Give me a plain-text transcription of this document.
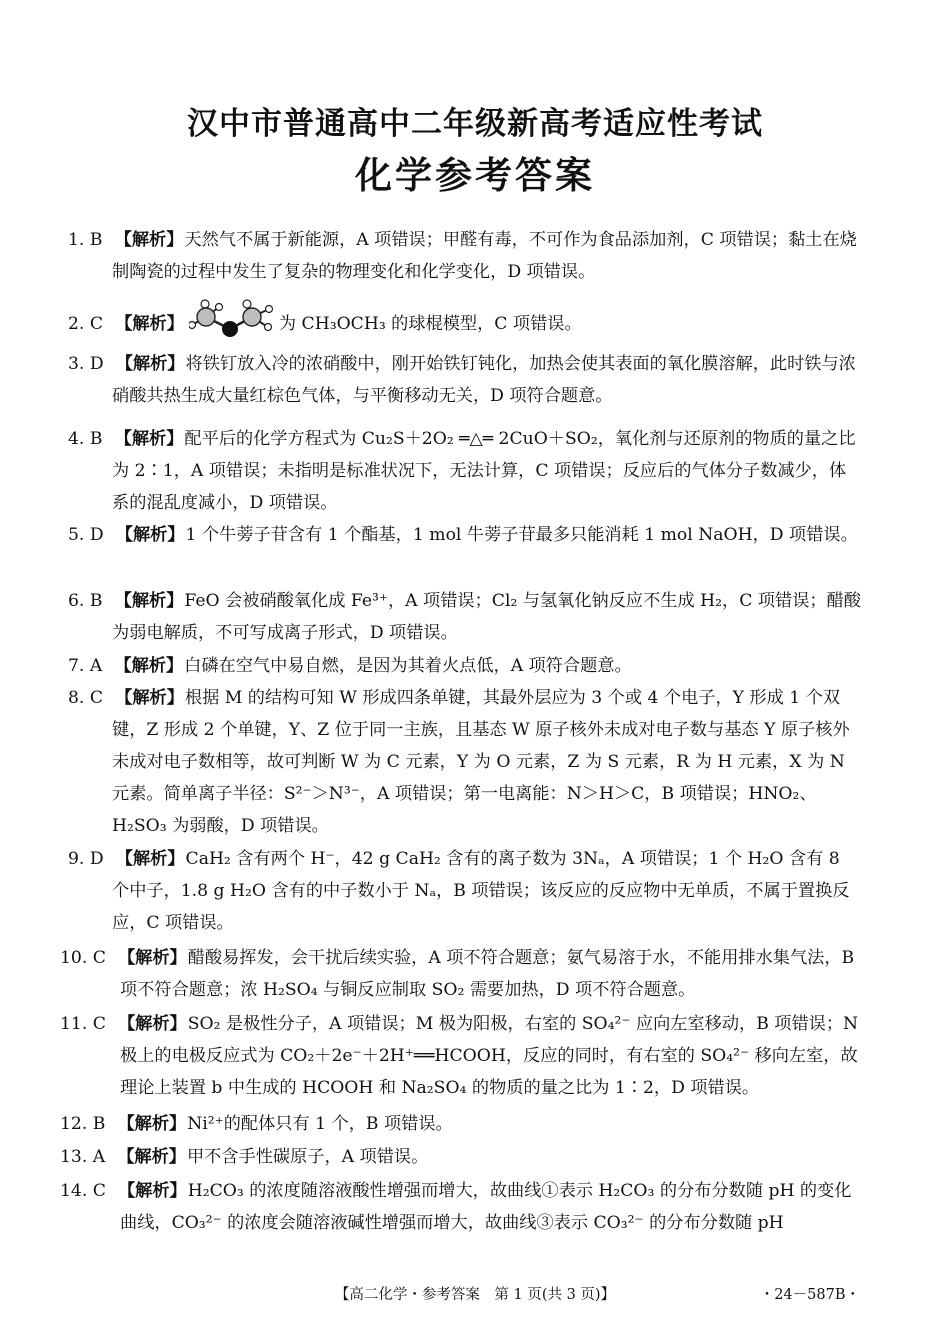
汉中市普通高中二年级新高考适应性考试
化学参考答案
1. B 【解析】天然气不属于新能源，A 项错误；甲醛有毒，不可作为食品添加剂，C 项错误；黏土在烧制陶瓷的过程中发生了复杂的物理变化和化学变化，D 项错误。
2. C 【解析】	为 CH₃OCH₃ 的球棍模型，C 项错误。
3. D 【解析】将铁钉放入冷的浓硝酸中，刚开始铁钉钝化，加热会使其表面的氧化膜溶解，此时铁与浓硝酸共热生成大量红棕色气体，与平衡移动无关，D 项符合题意。
4. B 【解析】配平后的化学方程式为 Cu₂S＋2O₂ ═△═ 2CuO＋SO₂，氧化剂与还原剂的物质的量之比为 2∶1，A 项错误；未指明是标准状况下，无法计算，C 项错误；反应后的气体分子数减少，体系的混乱度减小，D 项错误。
5. D 【解析】1 个牛蒡子苷含有 1 个酯基，1 mol 牛蒡子苷最多只能消耗 1 mol NaOH，D 项错误。
6. B 【解析】FeO 会被硝酸氧化成 Fe³⁺，A 项错误；Cl₂ 与氢氧化钠反应不生成 H₂，C 项错误；醋酸为弱电解质，不可写成离子形式，D 项错误。
7. A 【解析】白磷在空气中易自燃，是因为其着火点低，A 项符合题意。
8. C 【解析】根据 M 的结构可知 W 形成四条单键，其最外层应为 3 个或 4 个电子，Y 形成 1 个双键，Z 形成 2 个单键，Y、Z 位于同一主族，且基态 W 原子核外未成对电子数与基态 Y 原子核外未成对电子数相等，故可判断 W 为 C 元素，Y 为 O 元素，Z 为 S 元素，R 为 H 元素，X 为 N 元素。简单离子半径：S²⁻＞N³⁻，A 项错误；第一电离能：N＞H＞C，B 项错误；HNO₂、H₂SO₃ 为弱酸，D 项错误。
9. D 【解析】CaH₂ 含有两个 H⁻，42 g CaH₂ 含有的离子数为 3Nₐ，A 项错误；1 个 H₂O 含有 8 个中子，1.8 g H₂O 含有的中子数小于 Nₐ，B 项错误；该反应的反应物中无单质，不属于置换反应，C 项错误。
10. C 【解析】醋酸易挥发，会干扰后续实验，A 项不符合题意；氨气易溶于水，不能用排水集气法，B 项不符合题意；浓 H₂SO₄ 与铜反应制取 SO₂ 需要加热，D 项不符合题意。
11. C 【解析】SO₂ 是极性分子，A 项错误；M 极为阳极，右室的 SO₄²⁻ 应向左室移动，B 项错误；N 极上的电极反应式为 CO₂＋2e⁻＋2H⁺══HCOOH，反应的同时，有右室的 SO₄²⁻ 移向左室，故理论上装置 b 中生成的 HCOOH 和 Na₂SO₄ 的物质的量之比为 1∶2，D 项错误。
12. B 【解析】Ni²⁺的配体只有 1 个，B 项错误。
13. A 【解析】甲不含手性碳原子，A 项错误。
14. C 【解析】H₂CO₃ 的浓度随溶液酸性增强而增大，故曲线①表示 H₂CO₃ 的分布分数随 pH 的变化曲线，CO₃²⁻ 的浓度会随溶液碱性增强而增大，故曲线③表示 CO₃²⁻ 的分布分数随 pH
【高二化学・参考答案　第 1 页(共 3 页)】	・24－587B・
